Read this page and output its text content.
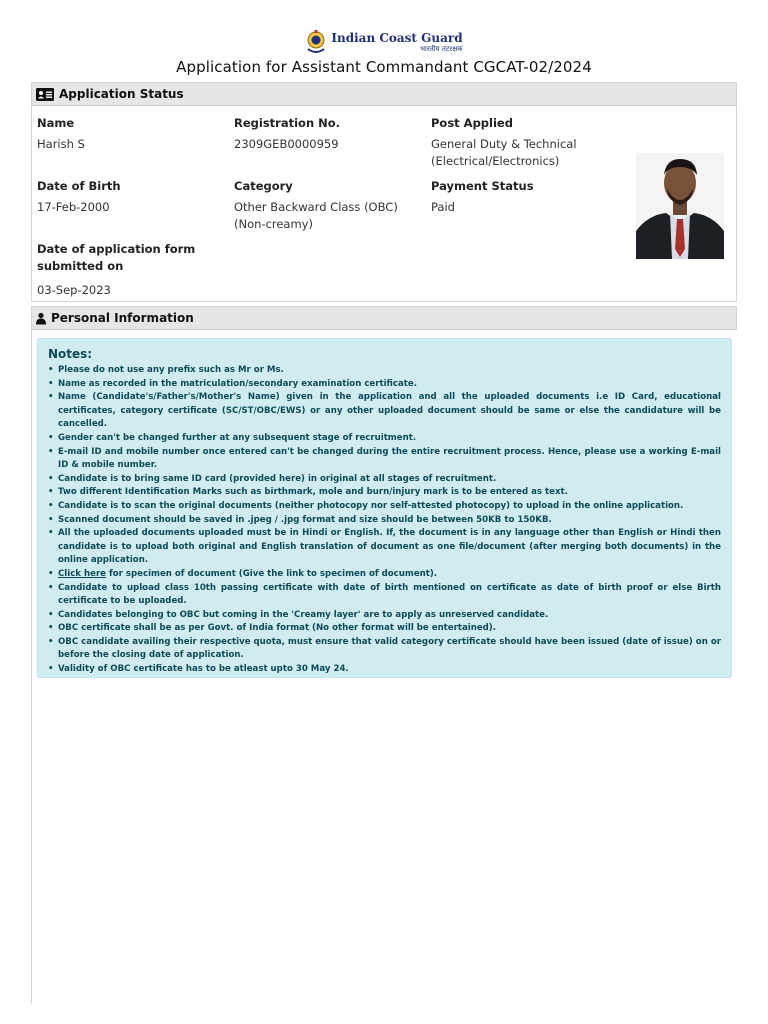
Indian Coast Guard
भारतीय तटरक्षक
Application for Assistant Commandant CGCAT-02/2024
Application Status
Name
Harish S
Registration No.
2309GEB0000959
Post Applied
General Duty & Technical (Electrical/Electronics)
Date of Birth
17-Feb-2000
Category
Other Backward Class (OBC) (Non-creamy)
Payment Status
Paid
Date of application form submitted on
03-Sep-2023
Personal Information
Notes:
• Please do not use any prefix such as Mr or Ms.
• Name as recorded in the matriculation/secondary examination certificate.
• Name (Candidate's/Father's/Mother's Name) given in the application and all the uploaded documents i.e ID Card, educational certificates, category certificate (SC/ST/OBC/EWS) or any other uploaded document should be same or else the candidature will be cancelled.
• Gender can't be changed further at any subsequent stage of recruitment.
• E-mail ID and mobile number once entered can't be changed during the entire recruitment process. Hence, please use a working E-mail ID & mobile number.
• Candidate is to bring same ID card (provided here) in original at all stages of recruitment.
• Two different Identification Marks such as birthmark, mole and burn/injury mark is to be entered as text.
• Candidate is to scan the original documents (neither photocopy nor self-attested photocopy) to upload in the online application.
• Scanned document should be saved in .jpeg / .jpg format and size should be between 50KB to 150KB.
• All the uploaded documents uploaded must be in Hindi or English. If, the document is in any language other than English or Hindi then candidate is to upload both original and English translation of document as one file/document (after merging both documents) in the online application.
• Click here for specimen of document (Give the link to specimen of document).
• Candidate to upload class 10th passing certificate with date of birth mentioned on certificate as date of birth proof or else Birth certificate to be uploaded.
• Candidates belonging to OBC but coming in the 'Creamy layer' are to apply as unreserved candidate.
• OBC certificate shall be as per Govt. of India format (No other format will be entertained).
• OBC candidate availing their respective quota, must ensure that valid category certificate should have been issued (date of issue) on or before the closing date of application.
• Validity of OBC certificate has to be atleast upto 30 May 24.
